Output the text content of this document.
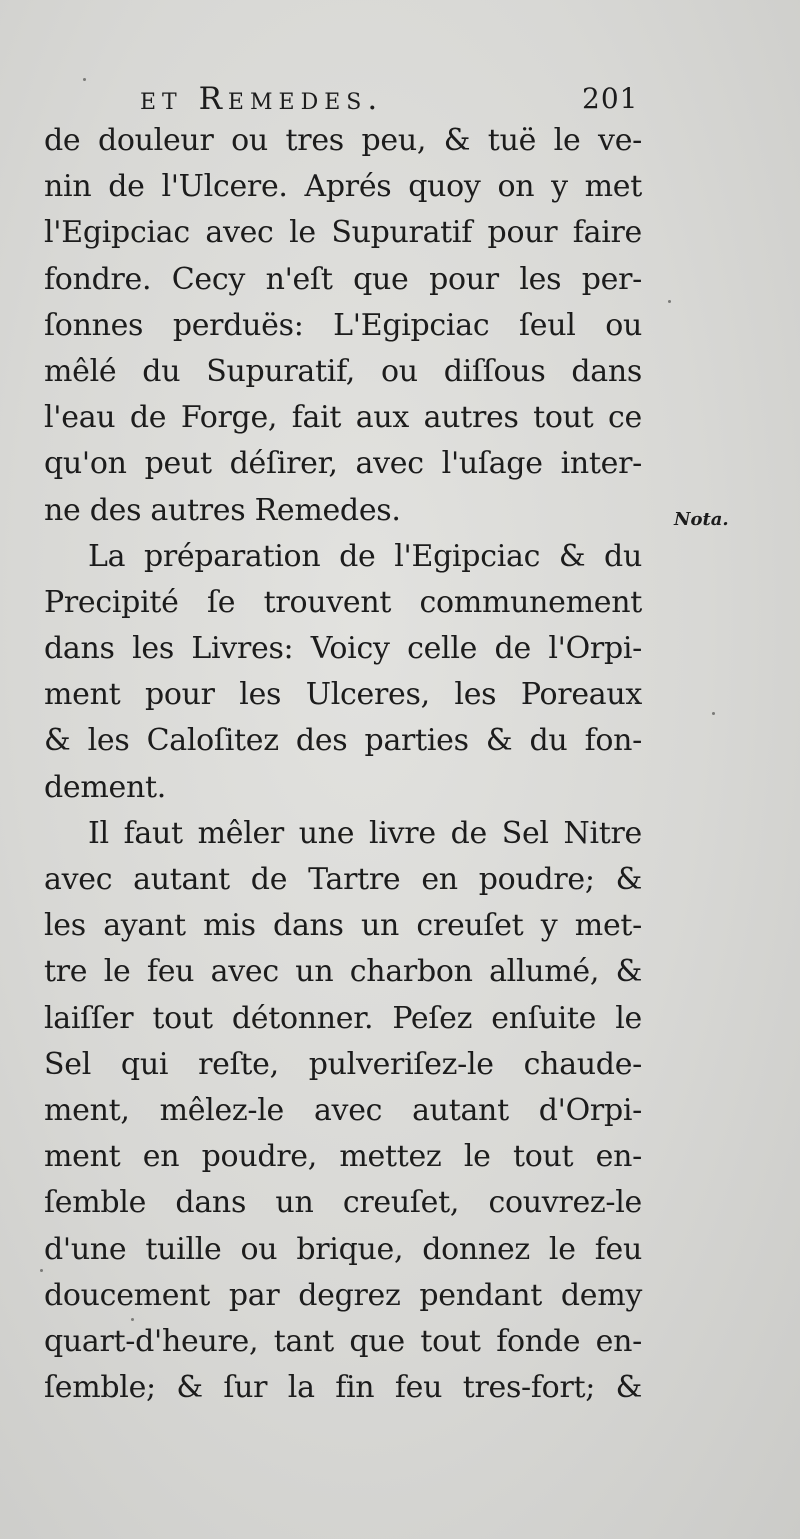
et Remedes.	201
de douleur ou tres peu, & tuë le ve-
nin de l'Ulcere. Aprés quoy on y met
l'Egipciac avec le Supuratif pour faire
fondre. Cecy n'eſt que pour les per-
ſonnes perduës: L'Egipciac ſeul ou
mêlé du Supuratif, ou diſſous dans
l'eau de Forge, fait aux autres tout ce
qu'on peut déſirer, avec l'uſage inter-
ne des autres Remedes.
La préparation de l'Egipciac & du
Precipité ſe trouvent communement
dans les Livres: Voicy celle de l'Orpi-
ment pour les Ulceres, les Poreaux
& les Caloſitez des parties & du fon-
dement.
Il faut mêler une livre de Sel Nitre
avec autant de Tartre en poudre; &
les ayant mis dans un creuſet y met-
tre le feu avec un charbon allumé, &
laiſſer tout détonner. Peſez enſuite le
Sel qui reſte, pulveriſez-le chaude-
ment, mêlez-le avec autant d'Orpi-
ment en poudre, mettez le tout en-
ſemble dans un creuſet, couvrez-le
d'une tuille ou brique, donnez le feu
doucement par degrez pendant demy
quart-d'heure, tant que tout fonde en-
ſemble; & ſur la fin feu tres-fort; &
Nota.
